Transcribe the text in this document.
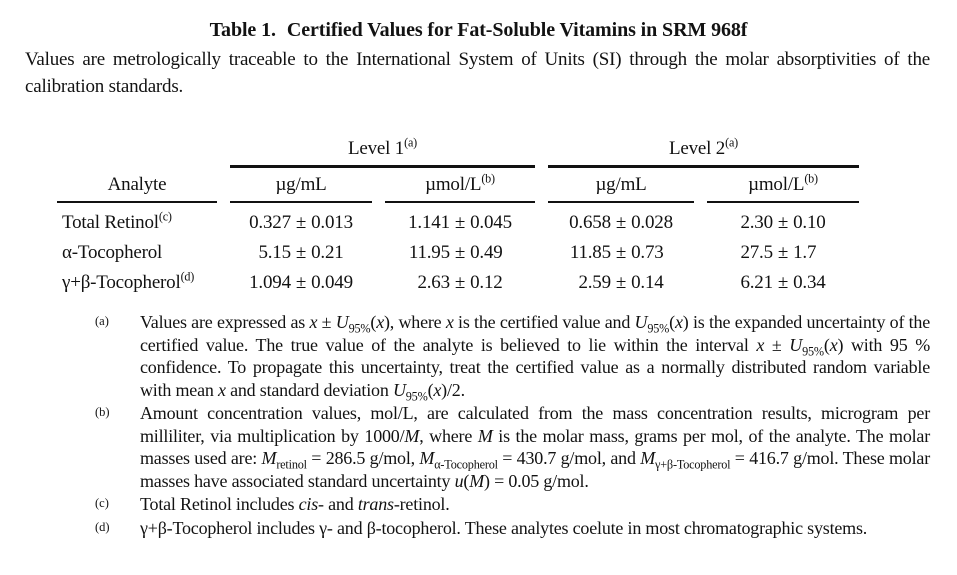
Table 1. Certified Values for Fat-Soluble Vitamins in SRM 968f
Values are metrologically traceable to the International System of Units (SI) through the molar absorptivities of the calibration standards.
Level 1$^{(a)}$	Level 2$^{(a)}$
Analyte	µg/mL	µmol/$L^{(b)}$	µg/mL	µmol/$L^{(b)}$
Total Retinol$^{(c)}$	0.327 ± 0.013	1.141 ± 0.045	0.658 ± 0.028	2.30 ± 0.10
α-Tocopherol	5.15 ± 0.21	11.95 ± 0.49	11.85 ± 0.73	27.5 ± 1.7
γ+β-Tocopherol$^{(d)}$	1.094 ± 0.049	2.63 ± 0.12	2.59 ± 0.14	6.21 ± 0.34
(a)	Values are expressed as $x \pm U_{95\%}(x)$, where x is the certified value and $U_{95\%}(x)$ is the expanded uncertainty of the certified value. The true value of the analyte is believed to lie within the interval $x \pm U_{95\%}(x)$ with 95 % confidence. To propagate this uncertainty, treat the certified value as a normally distributed random variable with mean x and standard deviation $U_{95\%}(x)/2$.
(b)	Amount concentration values, mol/L, are calculated from the mass concentration results, microgram per milliliter, via multiplication by 1000/M, where M is the molar mass, grams per mol, of the analyte. The molar masses used are: $M_{retinol} = 286.5$ g/mol, $M_{\alpha-Tocopherol} = 430.7$ g/mol, and $M_{\gamma+\beta-Tocopherol} = 416.7$ g/mol. These molar masses have associated standard uncertainty u(M) = 0.05 g/mol.
(c)	Total Retinol includes cis- and trans-retinol.
(d)	γ+β-Tocopherol includes γ- and β-tocopherol. These analytes coelute in most chromatographic systems.
